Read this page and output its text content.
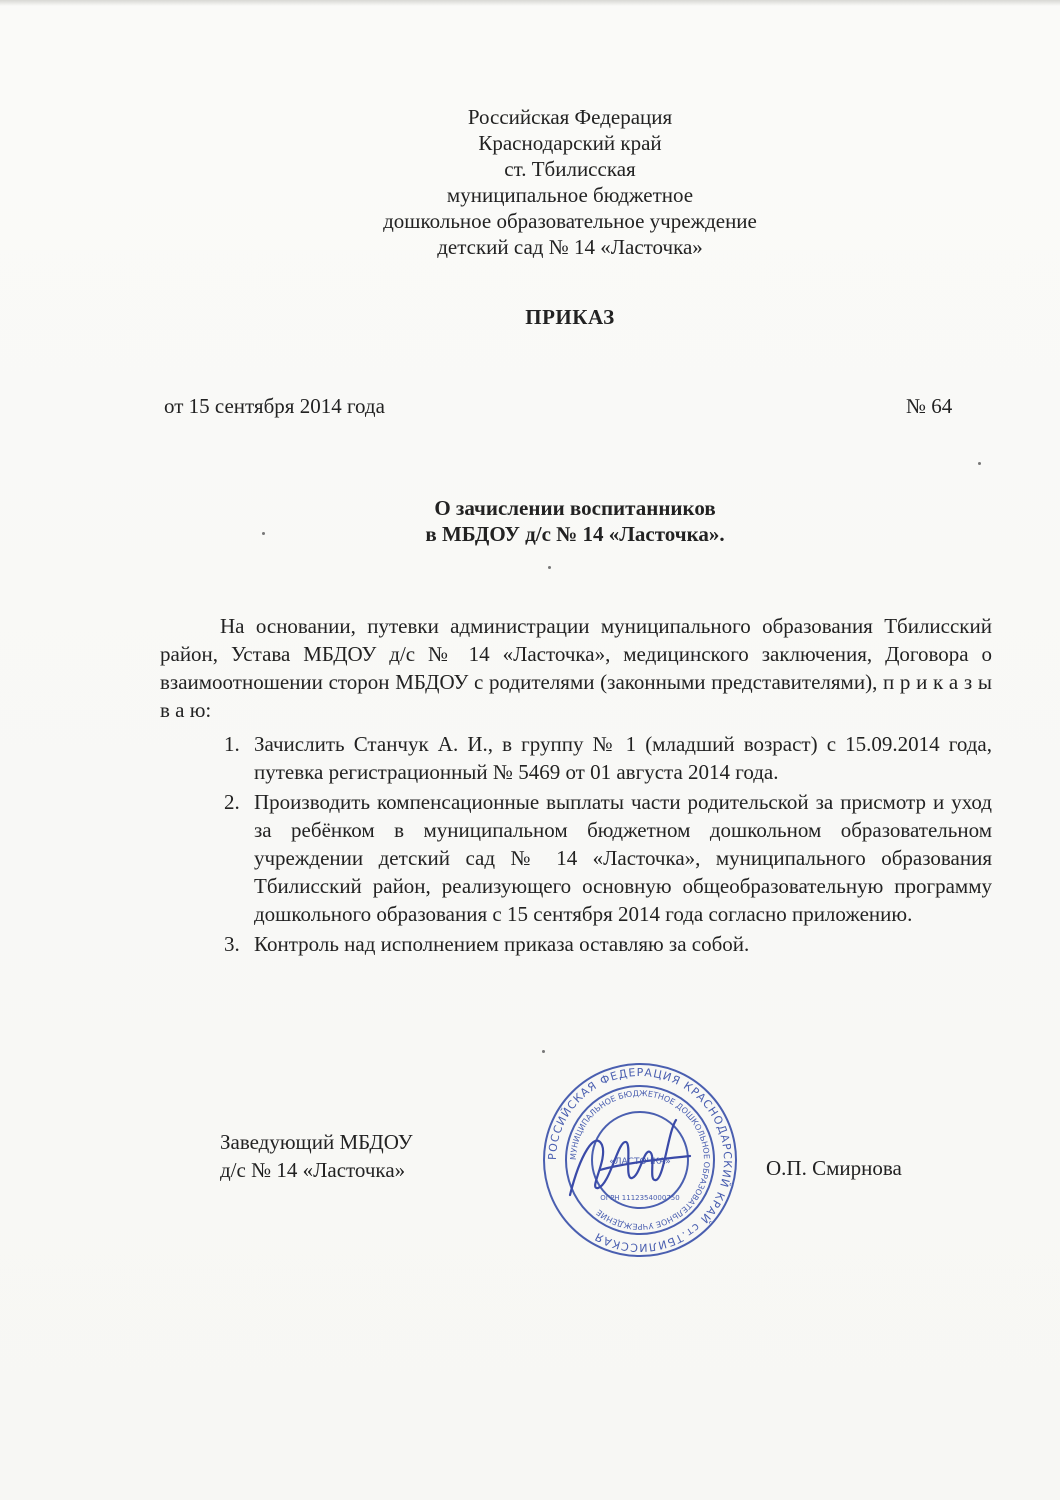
Российская Федерация
Краснодарский край
ст. Тбилисская
муниципальное бюджетное
дошкольное образовательное учреждение
детский сад № 14 «Ласточка»
ПРИКАЗ
от 15 сентября 2014 года	№ 64
О зачислении воспитанников
в МБДОУ д/с № 14 «Ласточка».
На основании, путевки администрации муниципального образования Тбилисский район, Устава МБДОУ д/с № 14 «Ласточка», медицинского заключения, Договора о взаимоотношении сторон МБДОУ с родителями (законными представителями), п р и к а з ы в а ю:
1. Зачислить Станчук А. И., в группу № 1 (младший возраст) с 15.09.2014 года, путевка регистрационный № 5469 от 01 августа 2014 года.
2. Производить компенсационные выплаты части родительской за присмотр и уход за ребёнком в муниципальном бюджетном дошкольном образовательном учреждении детский сад № 14 «Ласточка», муниципального образования Тбилисский район, реализующего основную общеобразовательную программу дошкольного образования с 15 сентября 2014 года согласно приложению.
3. Контроль над исполнением приказа оставляю за собой.
Заведующий МБДОУ
д/с № 14 «Ласточка»	О.П. Смирнова
РОССИЙСКАЯ ФЕДЕРАЦИЯ КРАСНОДАРСКИЙ КРАЙ ст.ТБИЛИССКАЯ
МУНИЦИПАЛЬНОЕ БЮДЖЕТНОЕ ДОШКОЛЬНОЕ ОБРАЗОВАТЕЛЬНОЕ УЧРЕЖДЕНИЕ
«ЛАСТОЧКА»
ОГРН 1112354000750
